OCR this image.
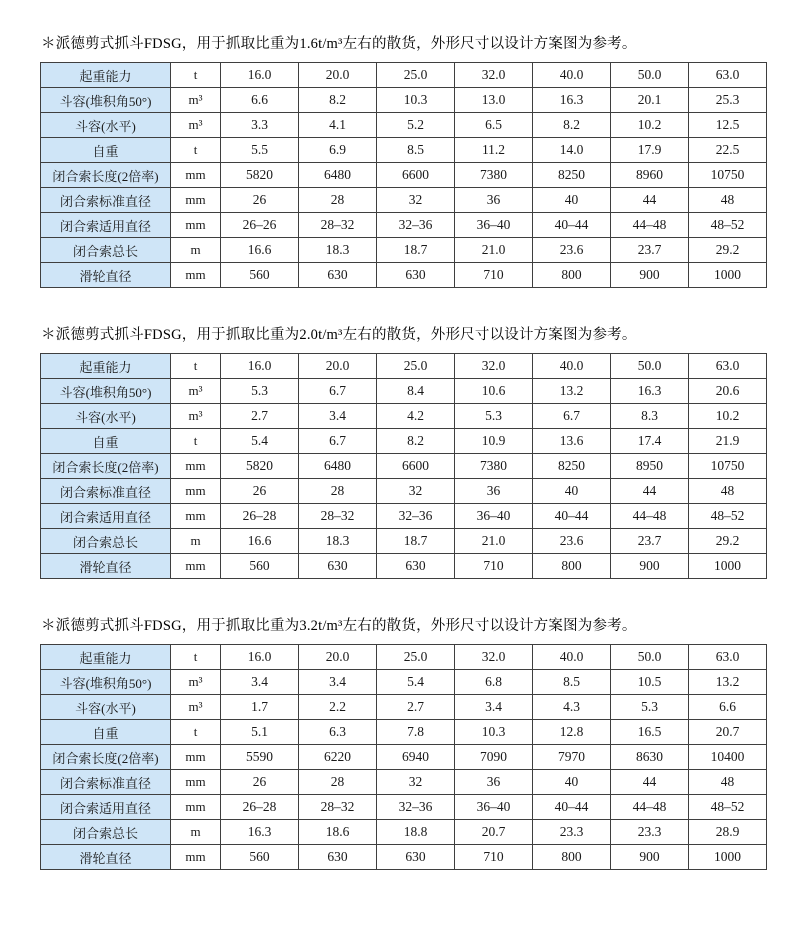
＊派德剪式抓斗FDSG，用于抓取比重为1.6t/m³左右的散货，外形尺寸以设计方案图为参考。

起重能力	t	16.0	20.0	25.0	32.0	40.0	50.0	63.0
斗容(堆积角50°)	m³	6.6	8.2	10.3	13.0	16.3	20.1	25.3
斗容(水平)	m³	3.3	4.1	5.2	6.5	8.2	10.2	12.5
自重	t	5.5	6.9	8.5	11.2	14.0	17.9	22.5
闭合索长度(2倍率)	mm	5820	6480	6600	7380	8250	8960	10750
闭合索标准直径	mm	26	28	32	36	40	44	48
闭合索适用直径	mm	26–26	28–32	32–36	36–40	40–44	44–48	48–52
闭合索总长	m	16.6	18.3	18.7	21.0	23.6	23.7	29.2
滑轮直径	mm	560	630	630	710	800	900	1000

＊派德剪式抓斗FDSG，用于抓取比重为2.0t/m³左右的散货，外形尺寸以设计方案图为参考。

起重能力	t	16.0	20.0	25.0	32.0	40.0	50.0	63.0
斗容(堆积角50°)	m³	5.3	6.7	8.4	10.6	13.2	16.3	20.6
斗容(水平)	m³	2.7	3.4	4.2	5.3	6.7	8.3	10.2
自重	t	5.4	6.7	8.2	10.9	13.6	17.4	21.9
闭合索长度(2倍率)	mm	5820	6480	6600	7380	8250	8950	10750
闭合索标准直径	mm	26	28	32	36	40	44	48
闭合索适用直径	mm	26–28	28–32	32–36	36–40	40–44	44–48	48–52
闭合索总长	m	16.6	18.3	18.7	21.0	23.6	23.7	29.2
滑轮直径	mm	560	630	630	710	800	900	1000

＊派德剪式抓斗FDSG，用于抓取比重为3.2t/m³左右的散货，外形尺寸以设计方案图为参考。

起重能力	t	16.0	20.0	25.0	32.0	40.0	50.0	63.0
斗容(堆积角50°)	m³	3.4	3.4	5.4	6.8	8.5	10.5	13.2
斗容(水平)	m³	1.7	2.2	2.7	3.4	4.3	5.3	6.6
自重	t	5.1	6.3	7.8	10.3	12.8	16.5	20.7
闭合索长度(2倍率)	mm	5590	6220	6940	7090	7970	8630	10400
闭合索标准直径	mm	26	28	32	36	40	44	48
闭合索适用直径	mm	26–28	28–32	32–36	36–40	40–44	44–48	48–52
闭合索总长	m	16.3	18.6	18.8	20.7	23.3	23.3	28.9
滑轮直径	mm	560	630	630	710	800	900	1000
